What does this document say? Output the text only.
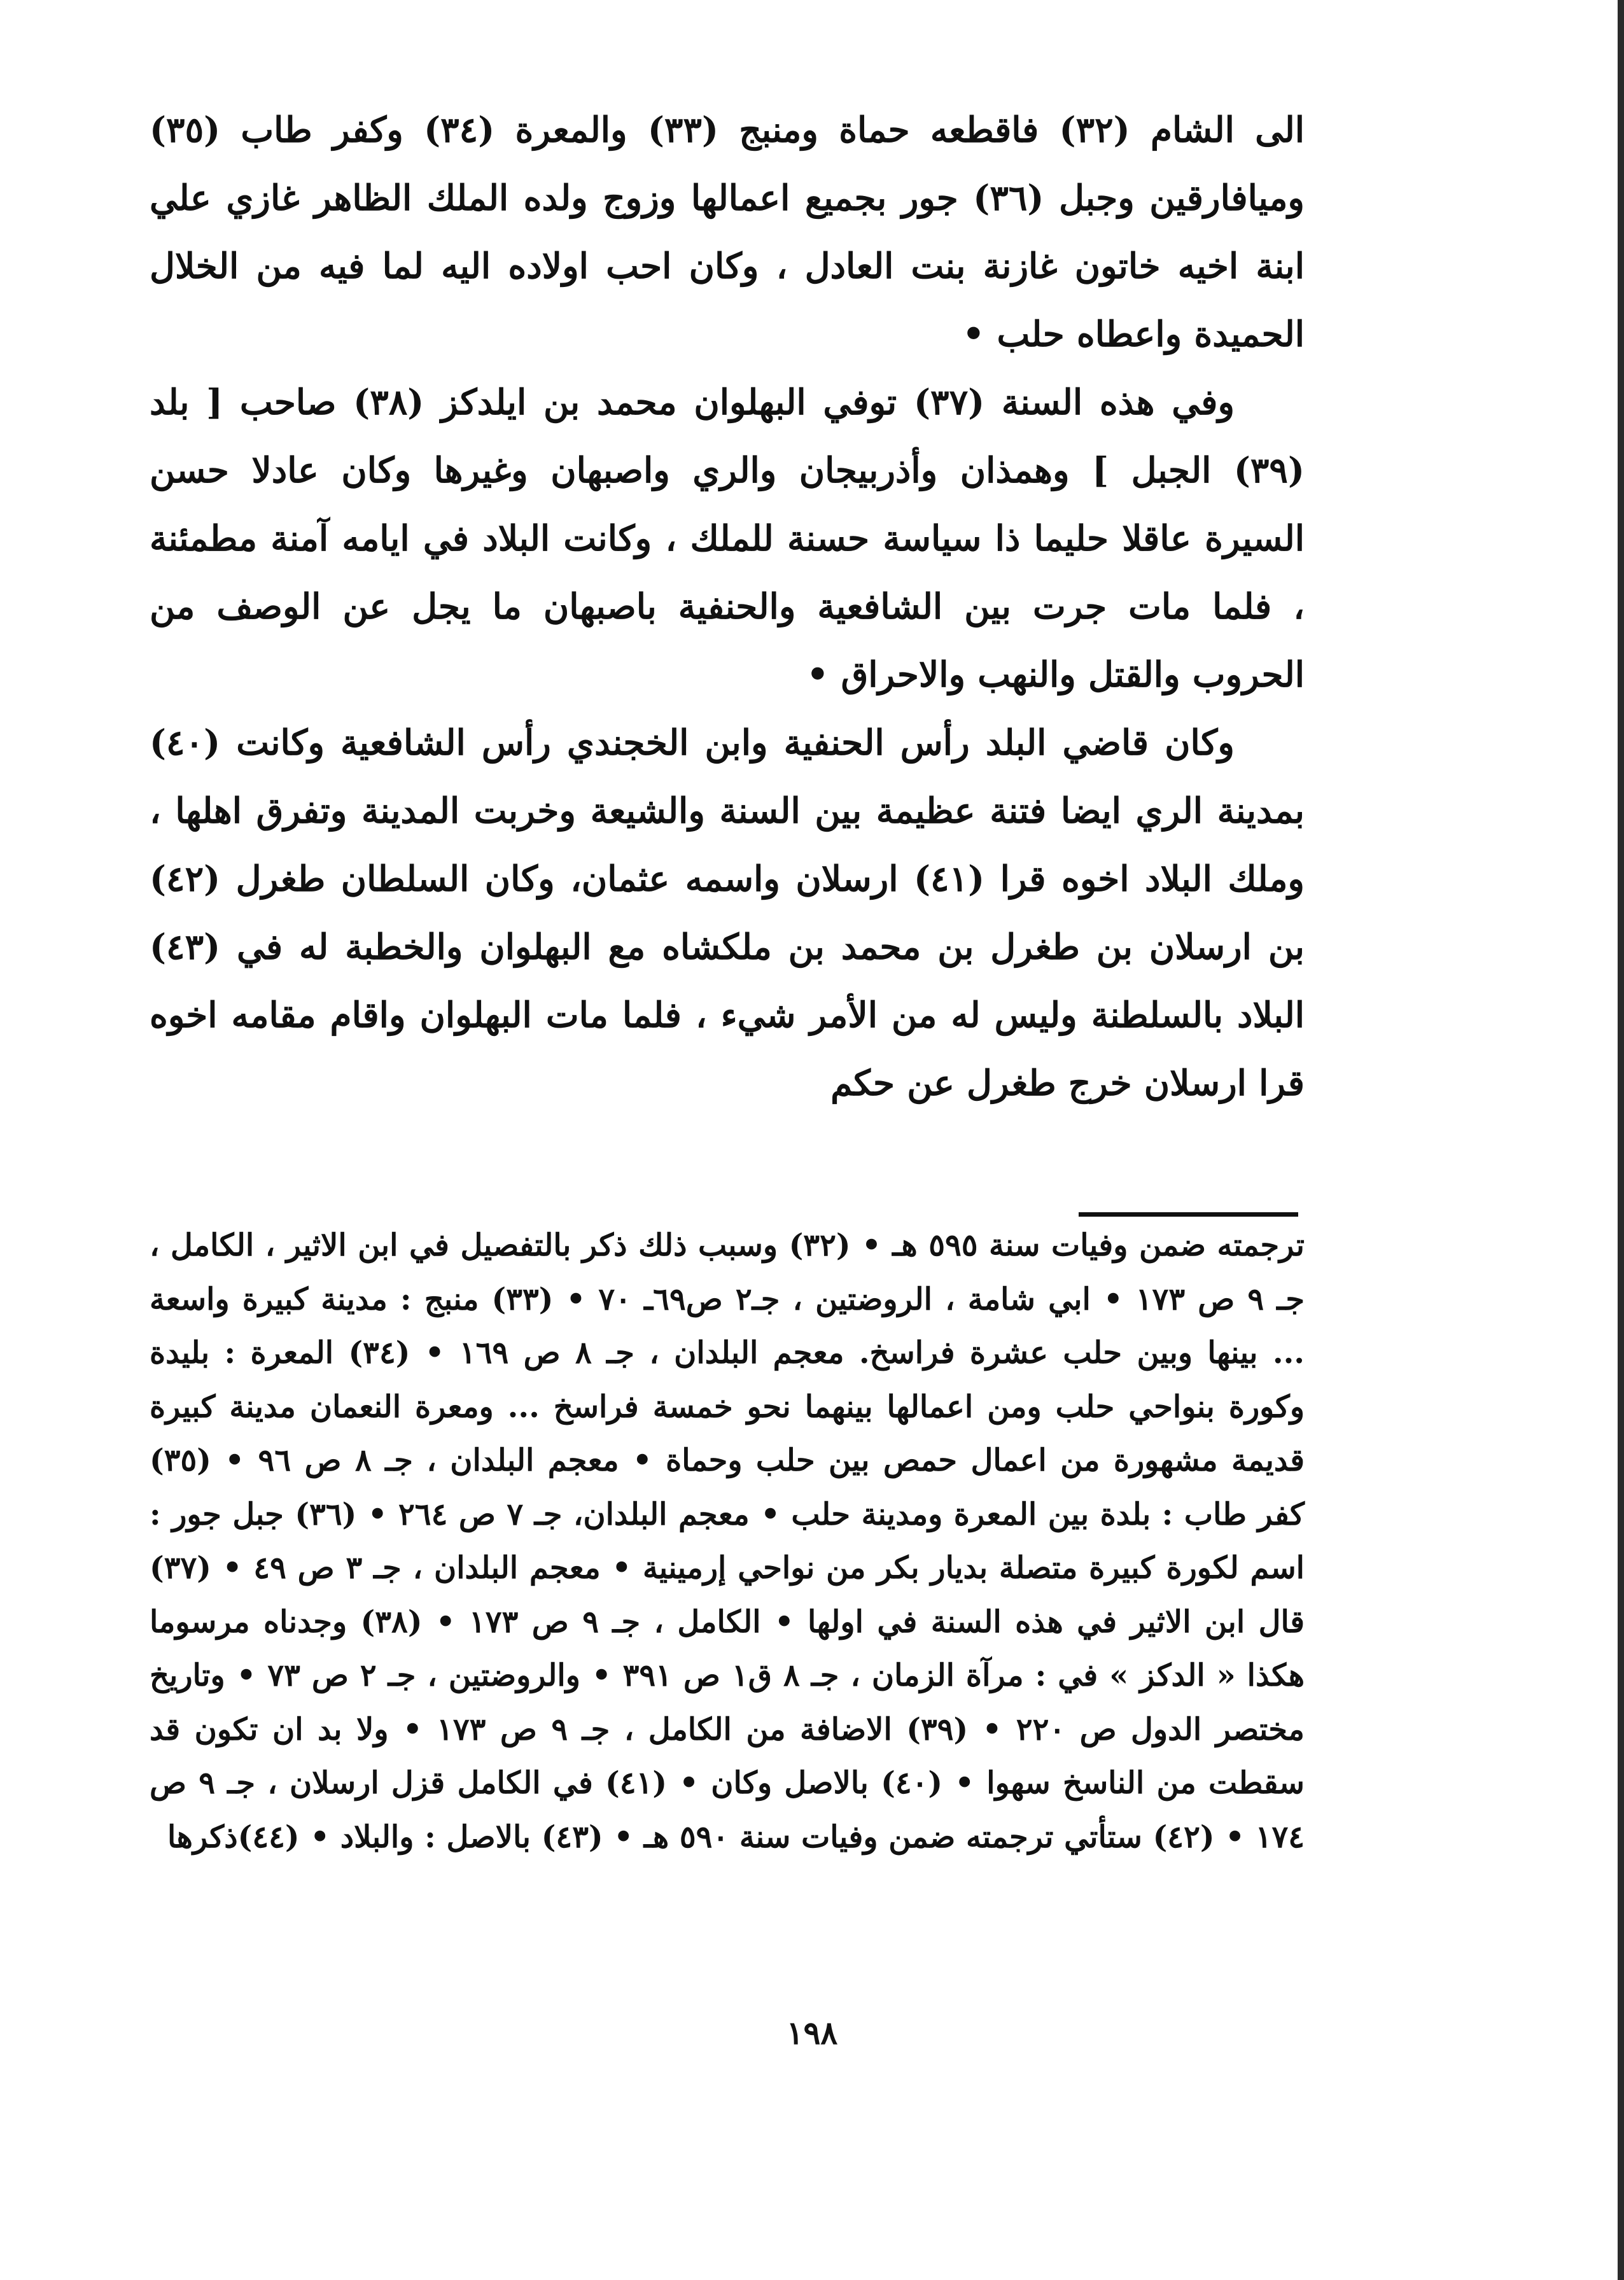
الى الشام (٣٢) فاقطعه حماة ومنبج (٣٣) والمعرة (٣٤) وكفر طاب (٣٥) وميافارقين وجبل (٣٦) جور بجميع اعمالها وزوج ولده الملك الظاهر غازي علي ابنة اخيه خاتون غازنة بنت العادل ، وكان احب اولاده اليه لما فيه من الخلال الحميدة واعطاه حلب •

وفي هذه السنة (٣٧) توفي البهلوان محمد بن ايلدكز (٣٨) صاحب [ بلد (٣٩) الجبل ] وهمذان وأذربيجان والري واصبهان وغيرها وكان عادلا حسن السيرة عاقلا حليما ذا سياسة حسنة للملك ، وكانت البلاد في ايامه آمنة مطمئنة ، فلما مات جرت بين الشافعية والحنفية باصبهان ما يجل عن الوصف من الحروب والقتل والنهب والاحراق •

وكان قاضي البلد رأس الحنفية وابن الخجندي رأس الشافعية وكانت (٤٠) بمدينة الري ايضا فتنة عظيمة بين السنة والشيعة وخربت المدينة وتفرق اهلها ، وملك البلاد اخوه قرا (٤١) ارسلان واسمه عثمان، وكان السلطان طغرل (٤٢) بن ارسلان بن طغرل بن محمد بن ملكشاه مع البهلوان والخطبة له في (٤٣) البلاد بالسلطنة وليس له من الأمر شيء ، فلما مات البهلوان واقام مقامه اخوه قرا ارسلان خرج طغرل عن حكم

ترجمته ضمن وفيات سنة ٥٩٥ هـ • (٣٢) وسبب ذلك ذكر بالتفصيل في ابن الاثير ، الكامل ، جـ ٩ ص ١٧٣ • ابي شامة ، الروضتين ، جـ٢ ص٦٩ـ ٧٠ • (٣٣) منبج : مدينة كبيرة واسعة ... بينها وبين حلب عشرة فراسخ. معجم البلدان ، جـ ٨ ص ١٦٩ • (٣٤) المعرة : بليدة وكورة بنواحي حلب ومن اعمالها بينهما نحو خمسة فراسخ ... ومعرة النعمان مدينة كبيرة قديمة مشهورة من اعمال حمص بين حلب وحماة • معجم البلدان ، جـ ٨ ص ٩٦ • (٣٥) كفر طاب : بلدة بين المعرة ومدينة حلب • معجم البلدان، جـ ٧ ص ٢٦٤ • (٣٦) جبل جور : اسم لكورة كبيرة متصلة بديار بكر من نواحي إرمينية • معجم البلدان ، جـ ٣ ص ٤٩ • (٣٧) قال ابن الاثير في هذه السنة في اولها • الكامل ، جـ ٩ ص ١٧٣ • (٣٨) وجدناه مرسوما هكذا « الدكز » في : مرآة الزمان ، جـ ٨ ق١ ص ٣٩١ • والروضتين ، جـ ٢ ص ٧٣ • وتاريخ مختصر الدول ص ٢٢٠ • (٣٩) الاضافة من الكامل ، جـ ٩ ص ١٧٣ • ولا بد ان تكون قد سقطت من الناسخ سهوا • (٤٠) بالاصل وكان • (٤١) في الكامل قزل ارسلان ، جـ ٩ ص ١٧٤ • (٤٢) ستأتي ترجمته ضمن وفيات سنة ٥٩٠ هـ • (٤٣) بالاصل : والبلاد • (٤٤)ذكرها
١٩٨
